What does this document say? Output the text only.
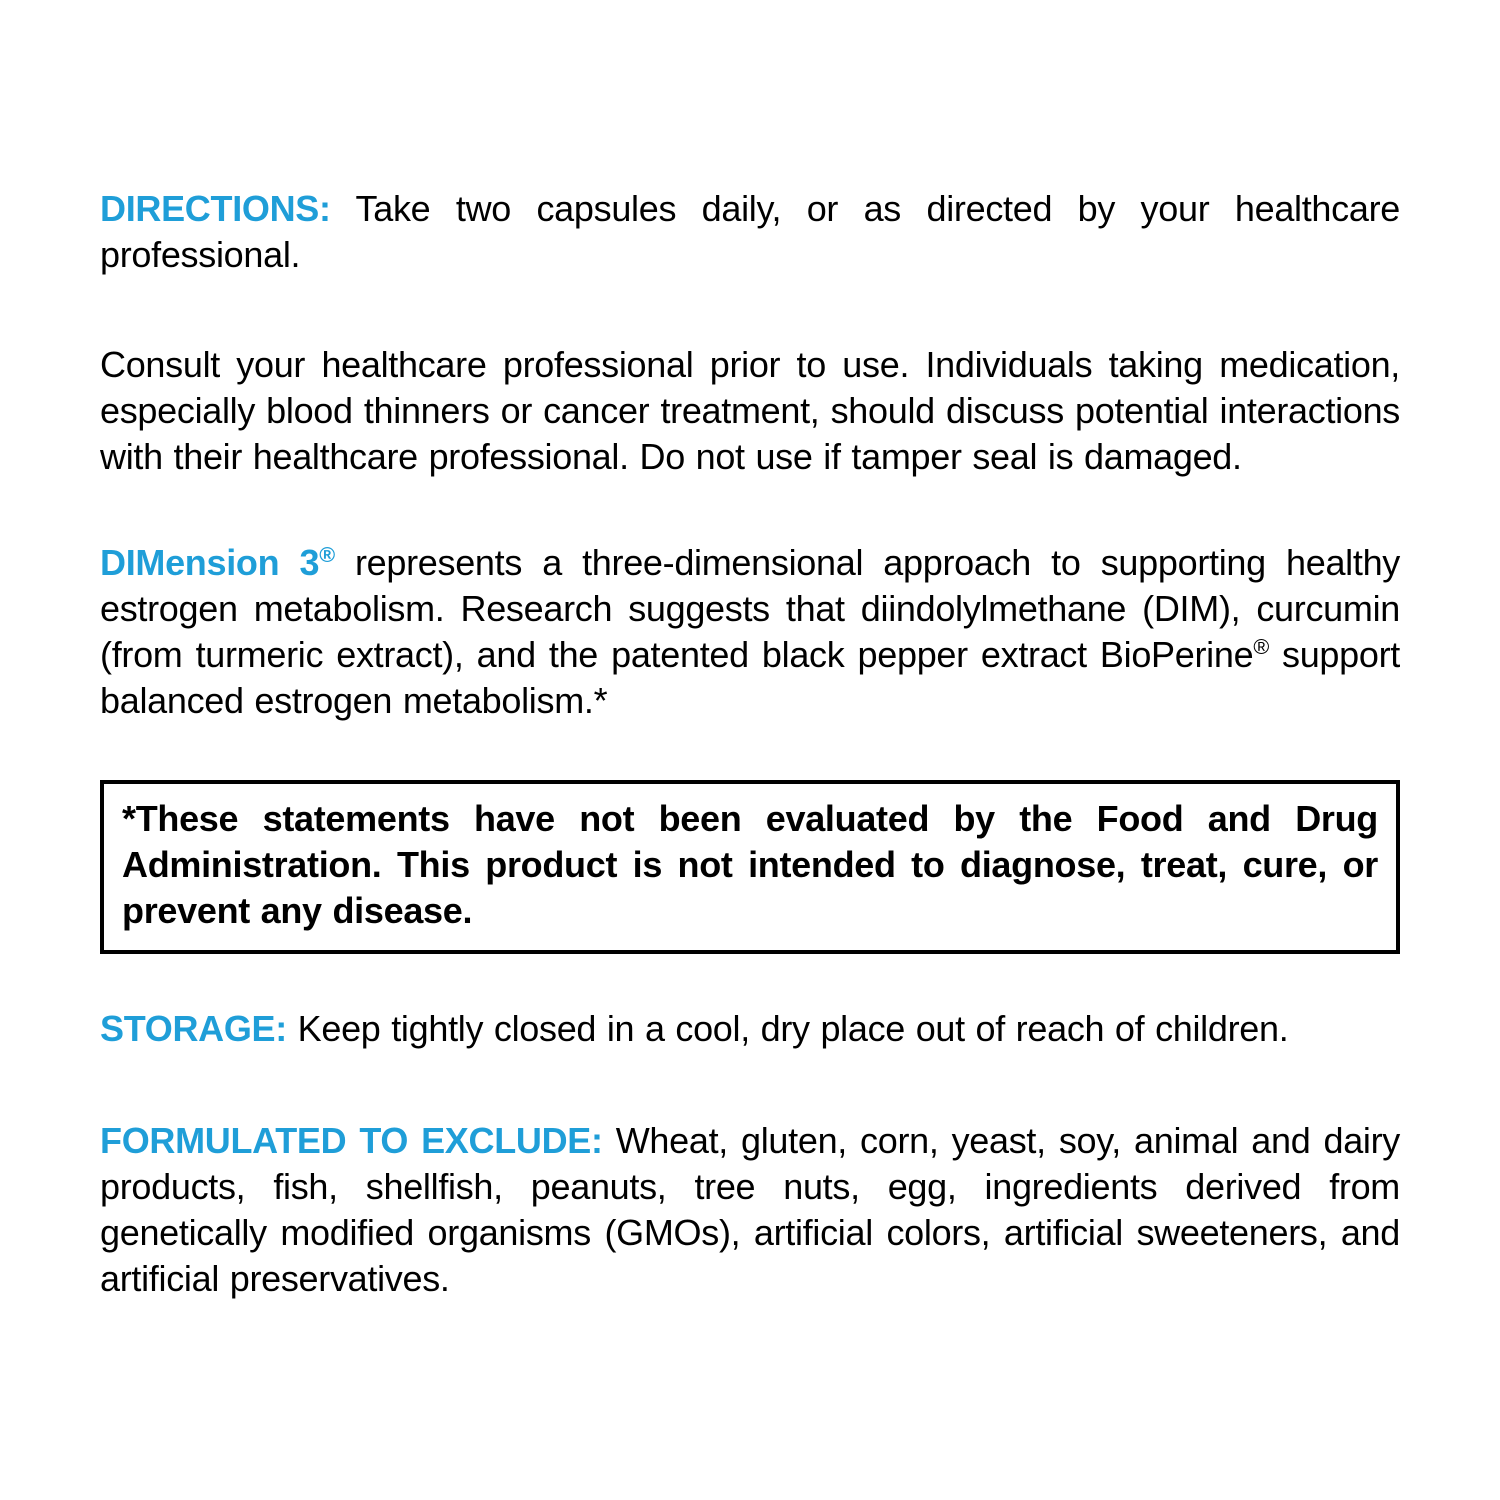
DIRECTIONS: Take two capsules daily, or as directed by your healthcare professional.

Consult your healthcare professional prior to use. Individuals taking medication, especially blood thinners or cancer treatment, should discuss potential interactions with their healthcare professional. Do not use if tamper seal is damaged.

DIMension 3® represents a three-dimensional approach to supporting healthy estrogen metabolism. Research suggests that diindolylmethane (DIM), curcumin (from turmeric extract), and the patented black pepper extract BioPerine® support balanced estrogen metabolism.*

*These statements have not been evaluated by the Food and Drug Administration. This product is not intended to diagnose, treat, cure, or prevent any disease.

STORAGE: Keep tightly closed in a cool, dry place out of reach of children.

FORMULATED TO EXCLUDE: Wheat, gluten, corn, yeast, soy, animal and dairy products, fish, shellfish, peanuts, tree nuts, egg, ingredients derived from genetically modified organisms (GMOs), artificial colors, artificial sweeteners, and artificial preservatives.
